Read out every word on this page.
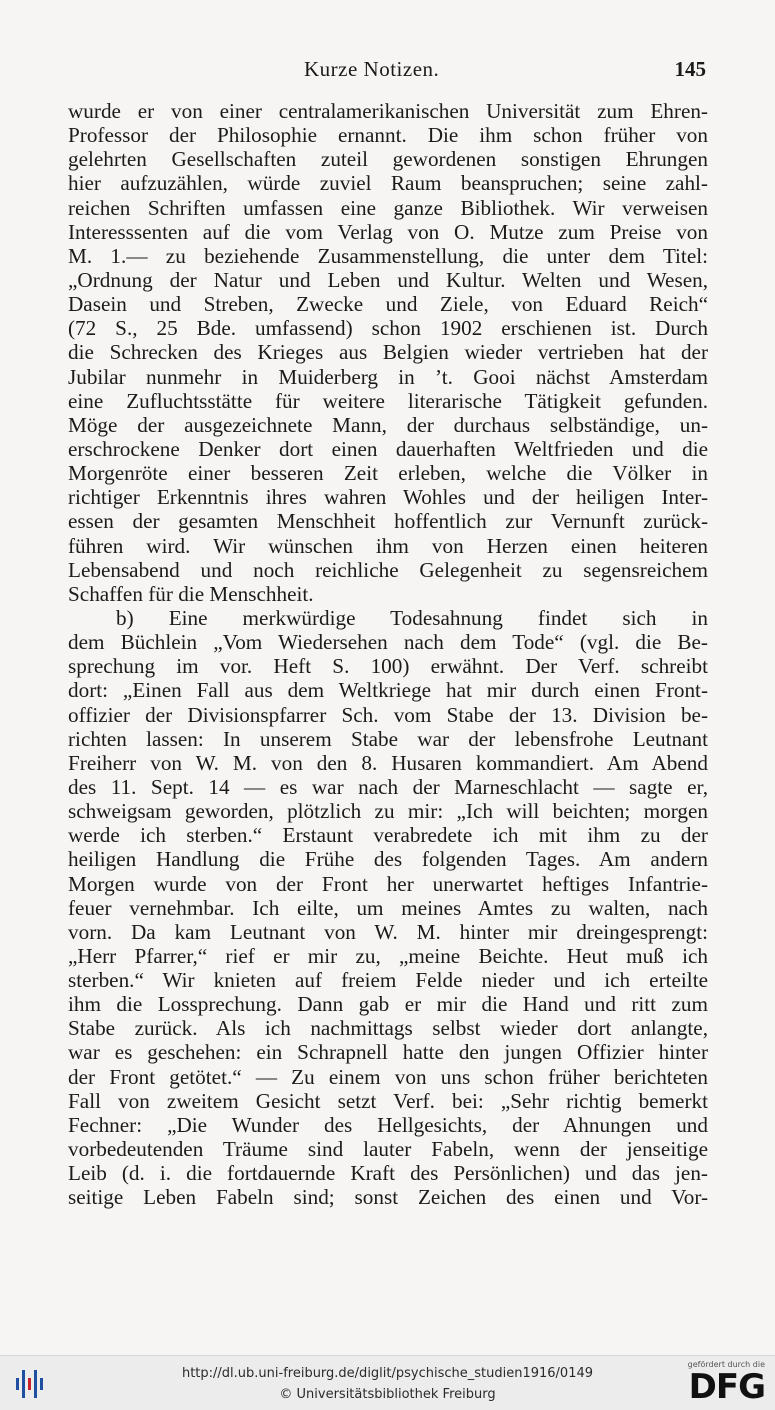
Kurze Notizen.	145
wurde er von einer centralamerikanischen Universität zum Ehren-
Professor der Philosophie ernannt. Die ihm schon früher von
gelehrten Gesellschaften zuteil gewordenen sonstigen Ehrungen
hier aufzuzählen, würde zuviel Raum beanspruchen; seine zahl-
reichen Schriften umfassen eine ganze Bibliothek. Wir verweisen
Interesssenten auf die vom Verlag von O. Mutze zum Preise von
M. 1.— zu beziehende Zusammenstellung, die unter dem Titel:
„Ordnung der Natur und Leben und Kultur. Welten und Wesen,
Dasein und Streben, Zwecke und Ziele, von Eduard Reich“
(72 S., 25 Bde. umfassend) schon 1902 erschienen ist. Durch
die Schrecken des Krieges aus Belgien wieder vertrieben hat der
Jubilar nunmehr in Muiderberg in ’t. Gooi nächst Amsterdam
eine Zufluchtsstätte für weitere literarische Tätigkeit gefunden.
Möge der ausgezeichnete Mann, der durchaus selbständige, un-
erschrockene Denker dort einen dauerhaften Weltfrieden und die
Morgenröte einer besseren Zeit erleben, welche die Völker in
richtiger Erkenntnis ihres wahren Wohles und der heiligen Inter-
essen der gesamten Menschheit hoffentlich zur Vernunft zurück-
führen wird. Wir wünschen ihm von Herzen einen heiteren
Lebensabend und noch reichliche Gelegenheit zu segensreichem
Schaffen für die Menschheit.
b) Eine merkwürdige Todesahnung findet sich in
dem Büchlein „Vom Wiedersehen nach dem Tode“ (vgl. die Be-
sprechung im vor. Heft S. 100) erwähnt. Der Verf. schreibt
dort: „Einen Fall aus dem Weltkriege hat mir durch einen Front-
offizier der Divisionspfarrer Sch. vom Stabe der 13. Division be-
richten lassen: In unserem Stabe war der lebensfrohe Leutnant
Freiherr von W. M. von den 8. Husaren kommandiert. Am Abend
des 11. Sept. 14 — es war nach der Marneschlacht — sagte er,
schweigsam geworden, plötzlich zu mir: „Ich will beichten; morgen
werde ich sterben.“ Erstaunt verabredete ich mit ihm zu der
heiligen Handlung die Frühe des folgenden Tages. Am andern
Morgen wurde von der Front her unerwartet heftiges Infantrie-
feuer vernehmbar. Ich eilte, um meines Amtes zu walten, nach
vorn. Da kam Leutnant von W. M. hinter mir dreingesprengt:
„Herr Pfarrer,“ rief er mir zu, „meine Beichte. Heut muß ich
sterben.“ Wir knieten auf freiem Felde nieder und ich erteilte
ihm die Lossprechung. Dann gab er mir die Hand und ritt zum
Stabe zurück. Als ich nachmittags selbst wieder dort anlangte,
war es geschehen: ein Schrapnell hatte den jungen Offizier hinter
der Front getötet.“ — Zu einem von uns schon früher berichteten
Fall von zweitem Gesicht setzt Verf. bei: „Sehr richtig bemerkt
Fechner: „Die Wunder des Hellgesichts, der Ahnungen und
vorbedeutenden Träume sind lauter Fabeln, wenn der jenseitige
Leib (d. i. die fortdauernde Kraft des Persönlichen) und das jen-
seitige Leben Fabeln sind; sonst Zeichen des einen und Vor-
http://dl.ub.uni-freiburg.de/diglit/psychische_studien1916/0149
© Universitätsbibliothek Freiburg
gefördert durch die
DFG
